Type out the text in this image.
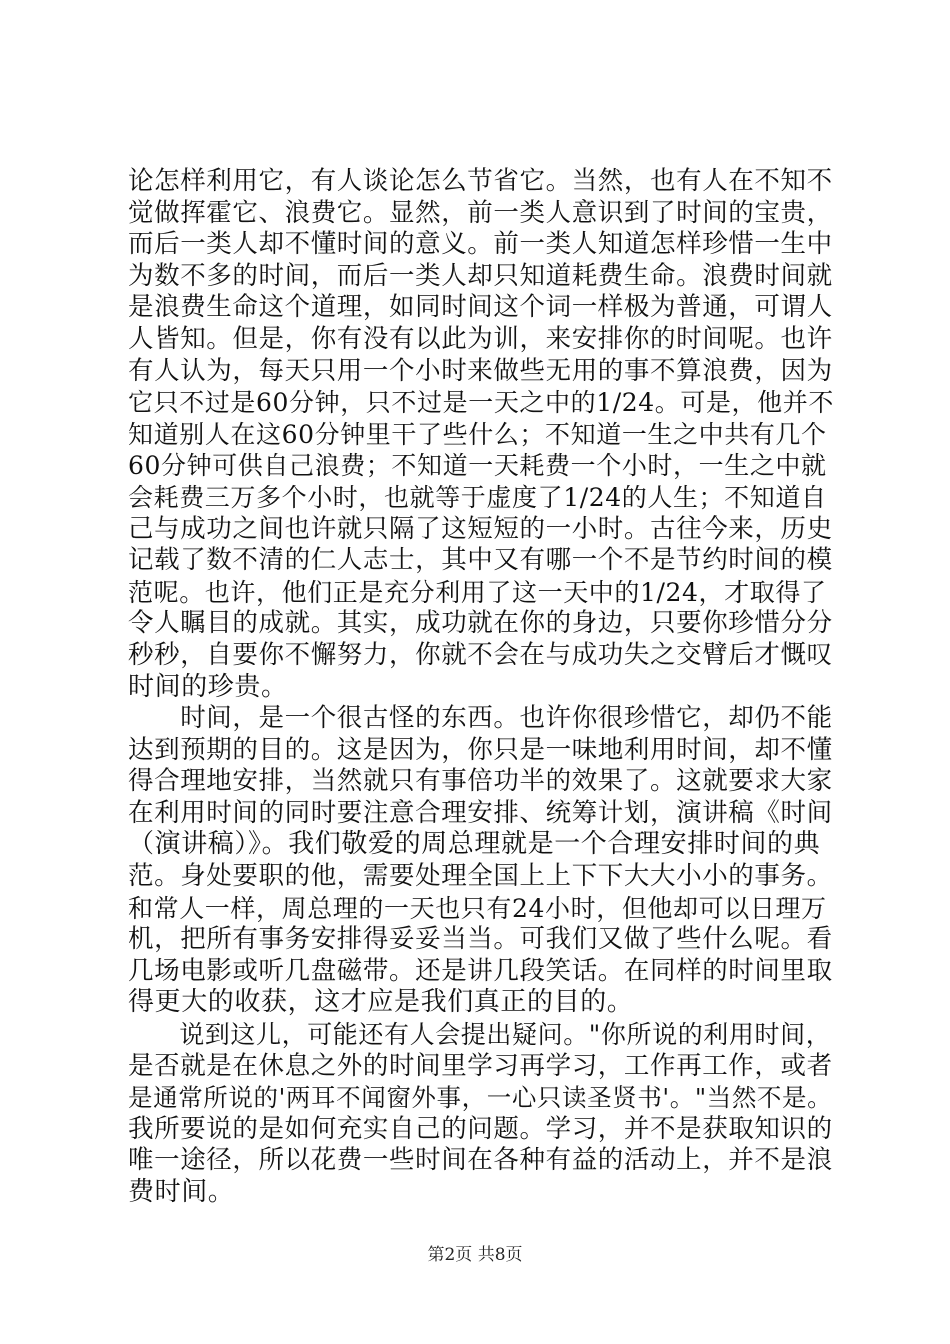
论怎样利用它，有人谈论怎么节省它。当然，也有人在不知不
觉做挥霍它、浪费它。显然，前一类人意识到了时间的宝贵，
而后一类人却不懂时间的意义。前一类人知道怎样珍惜一生中
为数不多的时间，而后一类人却只知道耗费生命。浪费时间就
是浪费生命这个道理，如同时间这个词一样极为普通，可谓人
人皆知。但是，你有没有以此为训，来安排你的时间呢。也许
有人认为，每天只用一个小时来做些无用的事不算浪费，因为
它只不过是60分钟，只不过是一天之中的1/24。可是，他并不
知道别人在这60分钟里干了些什么；不知道一生之中共有几个
60分钟可供自己浪费；不知道一天耗费一个小时，一生之中就
会耗费三万多个小时，也就等于虚度了1/24的人生；不知道自
己与成功之间也许就只隔了这短短的一小时。古往今来，历史
记载了数不清的仁人志士，其中又有哪一个不是节约时间的模
范呢。也许，他们正是充分利用了这一天中的1/24，才取得了
令人瞩目的成就。其实，成功就在你的身边，只要你珍惜分分
秒秒，自要你不懈努力，你就不会在与成功失之交臂后才慨叹
时间的珍贵。
　　时间，是一个很古怪的东西。也许你很珍惜它，却仍不能
达到预期的目的。这是因为，你只是一味地利用时间，却不懂
得合理地安排，当然就只有事倍功半的效果了。这就要求大家
在利用时间的同时要注意合理安排、统筹计划，演讲稿《时间
（演讲稿）》。我们敬爱的周总理就是一个合理安排时间的典
范。身处要职的他，需要处理全国上上下下大大小小的事务。
和常人一样，周总理的一天也只有24小时，但他却可以日理万
机，把所有事务安排得妥妥当当。可我们又做了些什么呢。看
几场电影或听几盘磁带。还是讲几段笑话。在同样的时间里取
得更大的收获，这才应是我们真正的目的。
　　说到这儿，可能还有人会提出疑问。"你所说的利用时间，
是否就是在休息之外的时间里学习再学习，工作再工作，或者
是通常所说的'两耳不闻窗外事，一心只读圣贤书'。"当然不是。
我所要说的是如何充实自己的问题。学习，并不是获取知识的
唯一途径，所以花费一些时间在各种有益的活动上，并不是浪
费时间。
第2页 共8页
